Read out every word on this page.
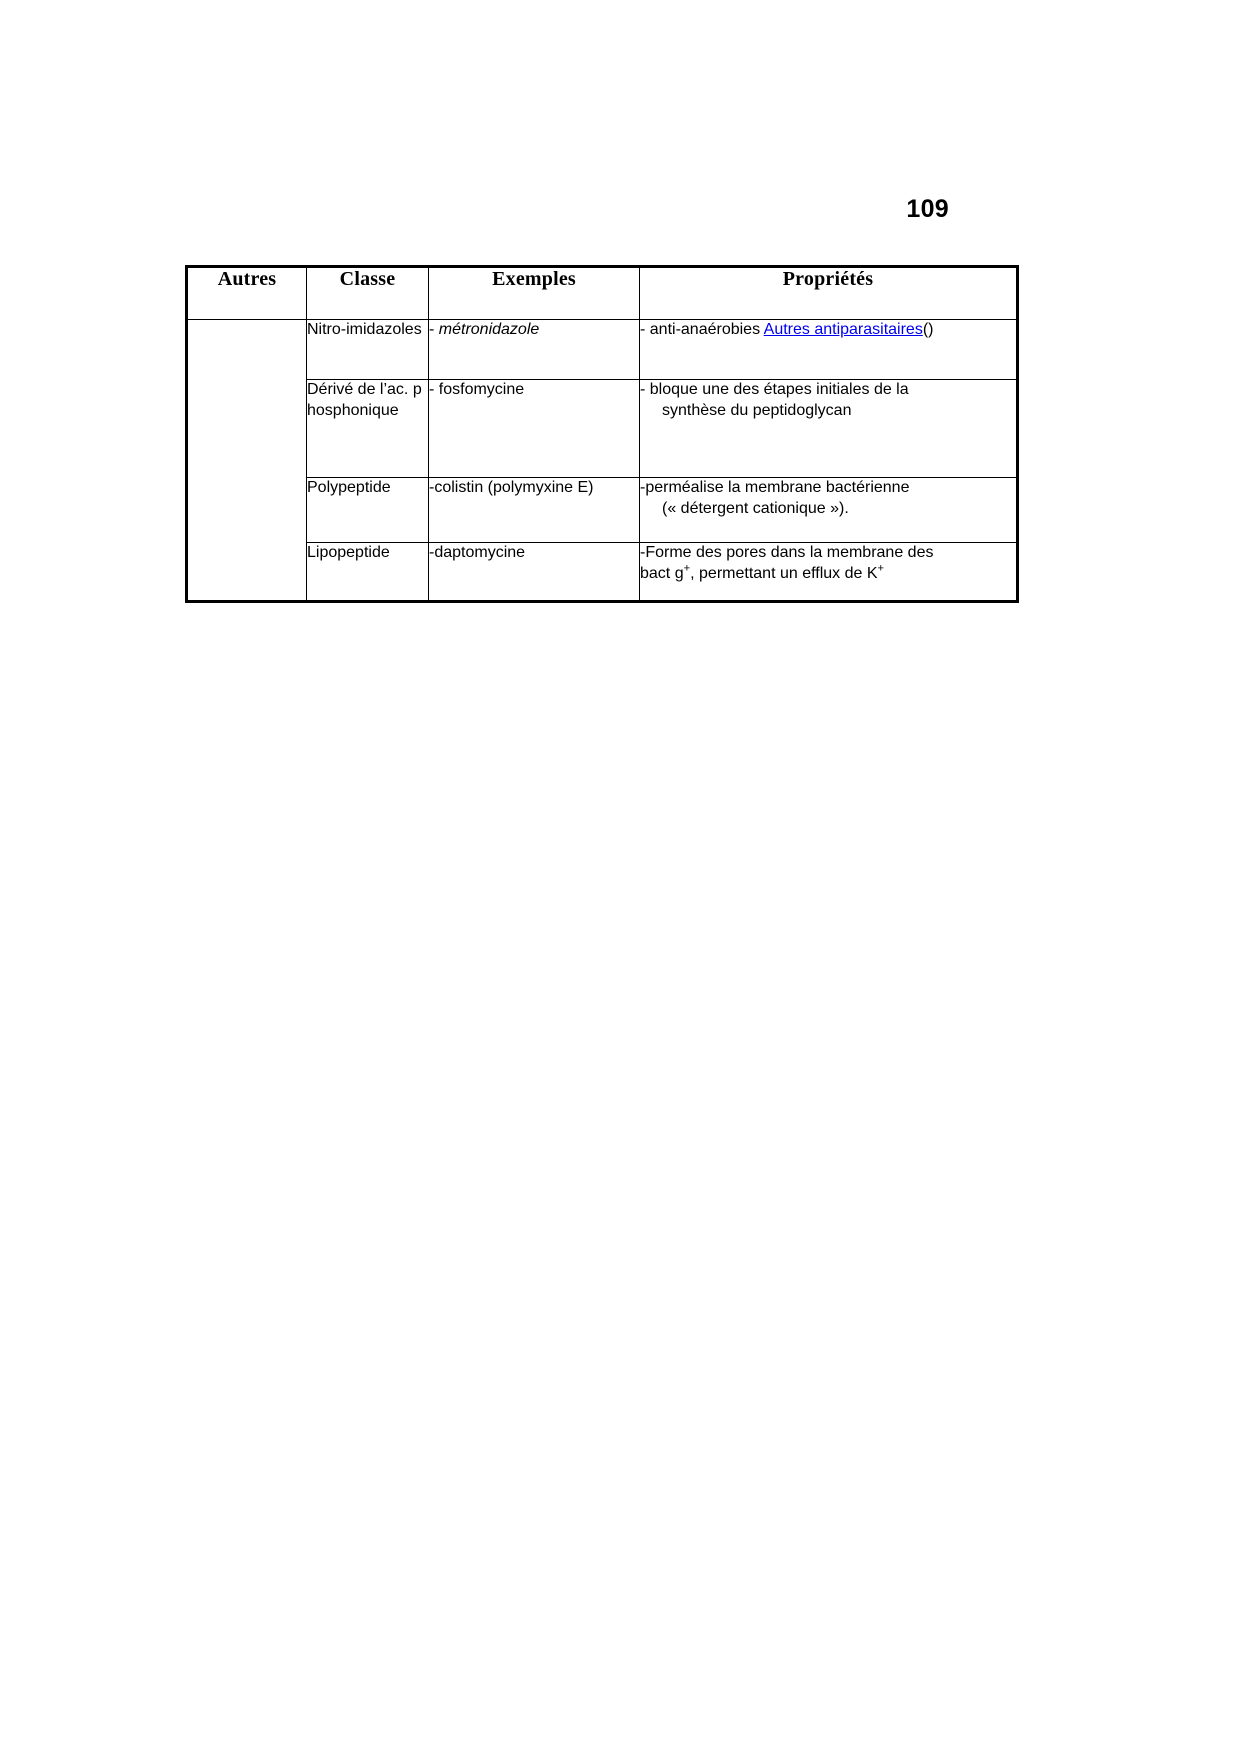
109
Autres	Classe	Exemples	Propriétés
	Nitro-imidazoles	- métronidazole	- anti-anaérobies Autres antiparasitaires()
	Dérivé de l’ac. phosphonique	- fosfomycine	- bloque une des étapes initiales de la
synthèse du peptidoglycan

	Polypeptide	-colistin (polymyxine E)	-perméalise la membrane bactérienne
(« détergent cationique »).

	Lipopeptide	-daptomycine	-Forme des pores dans la membrane des
bact g+, permettant un efflux de K+
